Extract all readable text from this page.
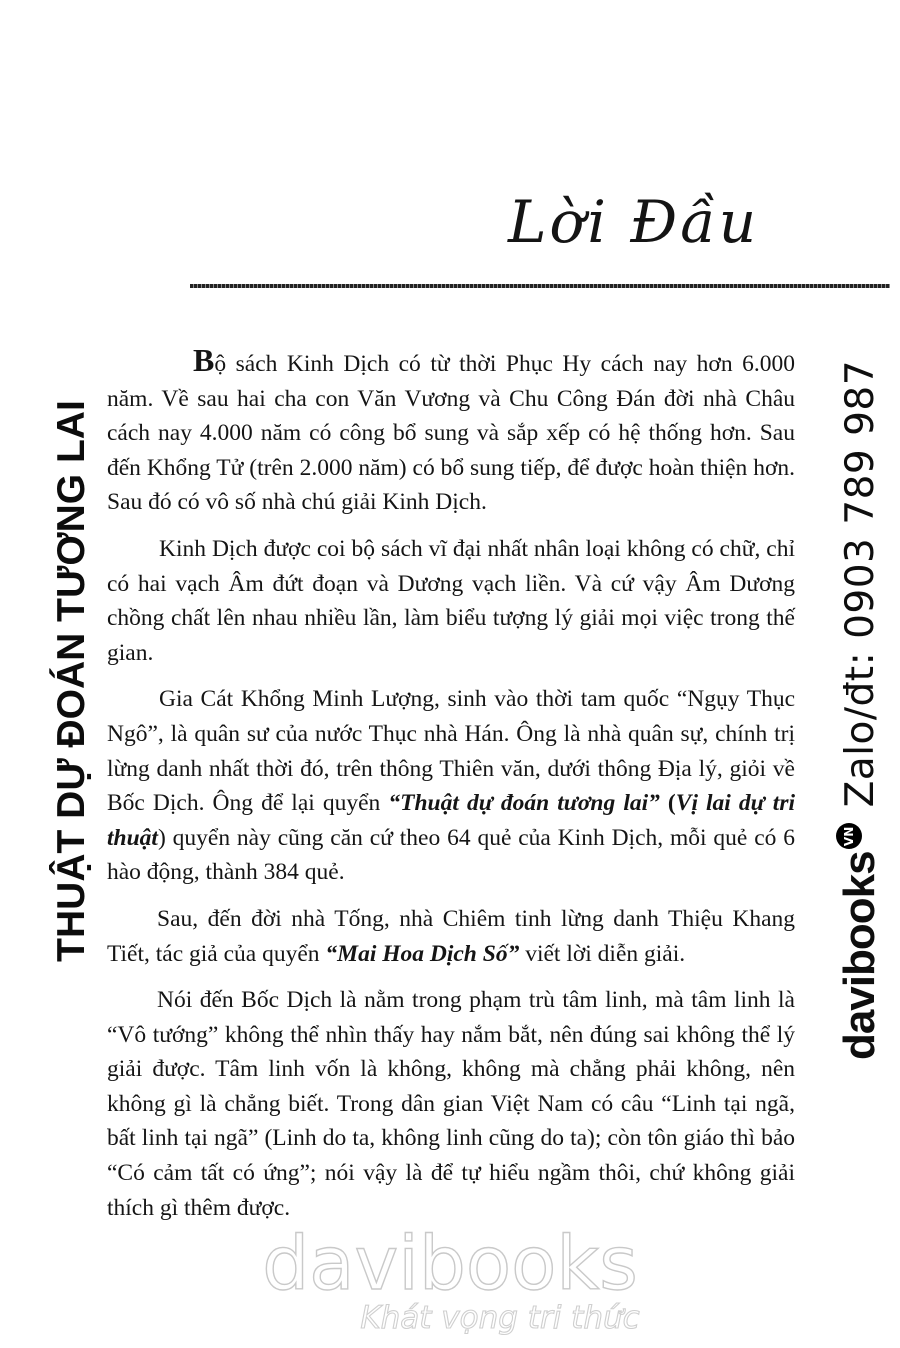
Lời Đầu

Bộ sách Kinh Dịch có từ thời Phục Hy cách nay hơn 6.000 năm. Về sau hai cha con Văn Vương và Chu Công Đán đời nhà Châu cách nay 4.000 năm có công bổ sung và sắp xếp có hệ thống hơn. Sau đến Khổng Tử (trên 2.000 năm) có bổ sung tiếp, để được hoàn thiện hơn. Sau đó có vô số nhà chú giải Kinh Dịch.

Kinh Dịch được coi bộ sách vĩ đại nhất nhân loại không có chữ, chỉ có hai vạch Âm đứt đoạn và Dương vạch liền. Và cứ vậy Âm Dương chồng chất lên nhau nhiều lần, làm biểu tượng lý giải mọi việc trong thế gian.

Gia Cát Khổng Minh Lượng, sinh vào thời tam quốc “Ngụy Thục Ngô”, là quân sư của nước Thục nhà Hán. Ông là nhà quân sự, chính trị lừng danh nhất thời đó, trên thông Thiên văn, dưới thông Địa lý, giỏi về Bốc Dịch. Ông để lại quyển “Thuật dự đoán tương lai” (Vị lai dự tri thuật) quyển này cũng căn cứ theo 64 quẻ của Kinh Dịch, mỗi quẻ có 6 hào động, thành 384 quẻ.

Sau, đến đời nhà Tống, nhà Chiêm tinh lừng danh Thiệu Khang Tiết, tác giả của quyển “Mai Hoa Dịch Số” viết lời diễn giải.

Nói đến Bốc Dịch là nằm trong phạm trù tâm linh, mà tâm linh là “Vô tướng” không thể nhìn thấy hay nắm bắt, nên đúng sai không thể lý giải được. Tâm linh vốn là không, không mà chẳng phải không, nên không gì là chẳng biết. Trong dân gian Việt Nam có câu “Linh tại ngã, bất linh tại ngã” (Linh do ta, không linh cũng do ta); còn tôn giáo thì bảo “Có cảm tất có ứng”; nói vậy là để tự hiểu ngầm thôi, chứ không giải thích gì thêm được.

THUẬT DỰ ĐOÁN TƯƠNG LAI	davibooks
VN
Zalo/đt: 0903 789 987
davibooks
Khát vọng tri thức
